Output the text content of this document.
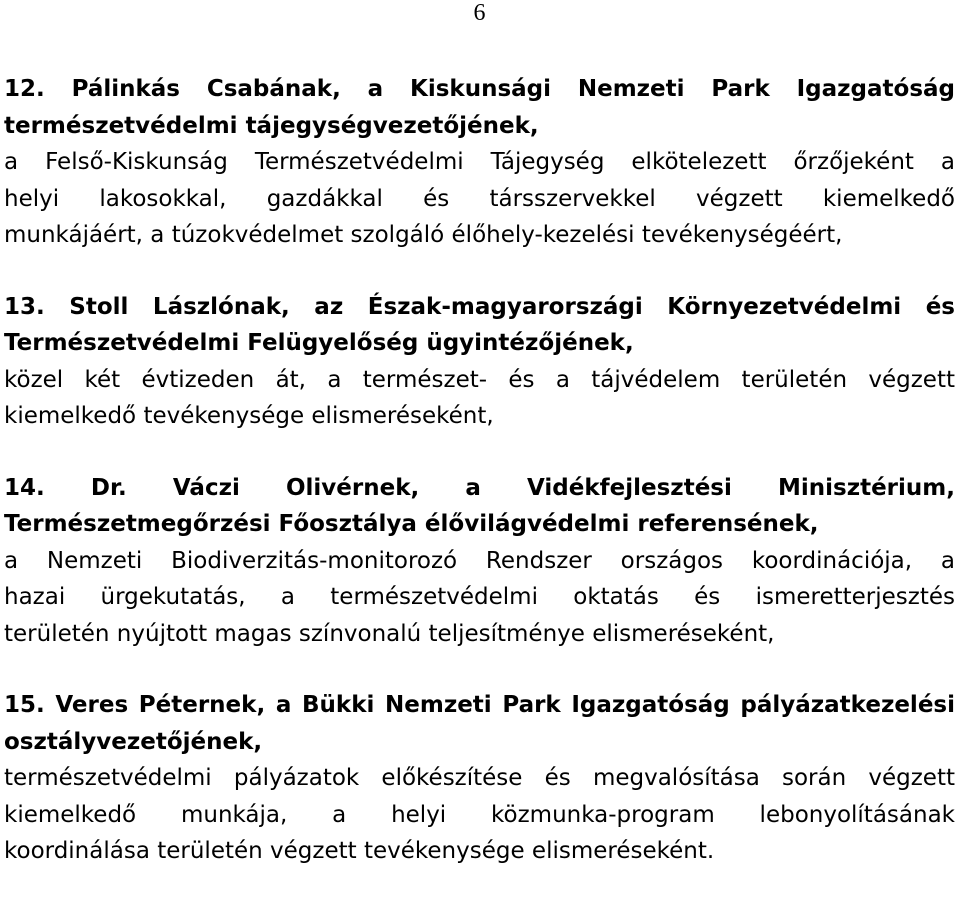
6
12. Pálinkás Csabának, a Kiskunsági Nemzeti Park Igazgatóság
természetvédelmi tájegységvezetőjének,
a Felső-Kiskunság Természetvédelmi Tájegység elkötelezett őrzőjeként a
helyi lakosokkal, gazdákkal és társszervekkel végzett kiemelkedő
munkájáért, a túzokvédelmet szolgáló élőhely-kezelési tevékenységéért,
13. Stoll Lászlónak, az Észak-magyarországi Környezetvédelmi és
Természetvédelmi Felügyelőség ügyintézőjének,
közel két évtizeden át, a természet- és a tájvédelem területén végzett
kiemelkedő tevékenysége elismeréseként,
14. Dr. Váczi Olivérnek, a Vidékfejlesztési Minisztérium,
Természetmegőrzési Főosztálya élővilágvédelmi referensének,
a Nemzeti Biodiverzitás-monitorozó Rendszer országos koordinációja, a
hazai ürgekutatás, a természetvédelmi oktatás és ismeretterjesztés
területén nyújtott magas színvonalú teljesítménye elismeréseként,
15. Veres Péternek, a Bükki Nemzeti Park Igazgatóság pályázatkezelési
osztályvezetőjének,
természetvédelmi pályázatok előkészítése és megvalósítása során végzett
kiemelkedő munkája, a helyi közmunka-program lebonyolításának
koordinálása területén végzett tevékenysége elismeréseként.
